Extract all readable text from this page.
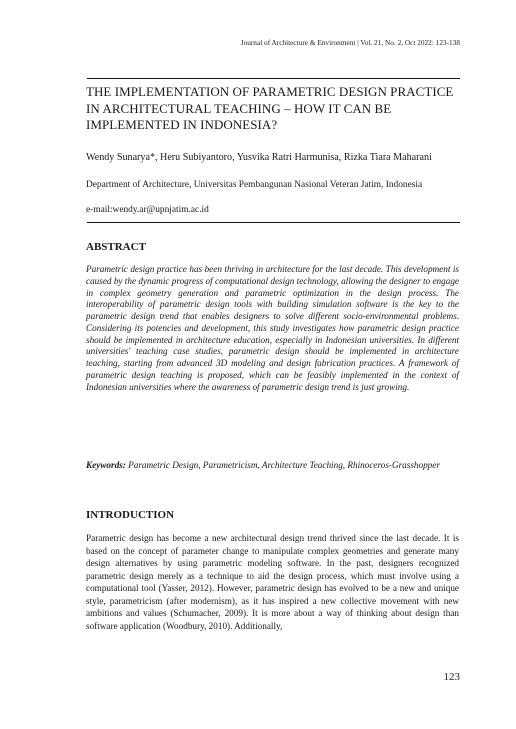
Journal of Architecture & Environment | Vol. 21, No. 2, Oct 2022: 123-138
THE IMPLEMENTATION OF PARAMETRIC DESIGN PRACTICE IN ARCHITECTURAL TEACHING – HOW IT CAN BE IMPLEMENTED IN INDONESIA?
Wendy Sunarya*, Heru Subiyantoro, Yusvika Ratri Harmunisa, Rizka Tiara Maharani
Department of Architecture, Universitas Pembangunan Nasional Veteran Jatim, Indonesia
e-mail:wendy.ar@upnjatim.ac.id
ABSTRACT

Parametric design practice has been thriving in architecture for the last decade. This development is caused by the dynamic progress of computational design technology, allowing the designer to engage in complex geometry generation and parametric optimization in the design process. The interoperability of parametric design tools with building simulation software is the key to the parametric design trend that enables designers to solve different socio-environmental problems. Considering its potencies and development, this study investigates how parametric design practice should be implemented in architecture education, especially in Indonesian universities. In different universities' teaching case studies, parametric design should be implemented in architecture teaching, starting from advanced 3D modeling and design fabrication practices. A framework of parametric design teaching is proposed, which can be feasibly implemented in the context of Indonesian universities where the awareness of parametric design trend is just growing.

Keywords: Parametric Design, Parametricism, Architecture Teaching, Rhinoceros-Grasshopper

INTRODUCTION

Parametric design has become a new architectural design trend thrived since the last decade. It is based on the concept of parameter change to manipulate complex geometries and generate many design alternatives by using parametric modeling software. In the past, designers recognized parametric design merely as a technique to aid the design process, which must involve using a computational tool (Yasser, 2012). However, parametric design has evolved to be a new and unique style, parametricism (after modernism), as it has inspired a new collective movement with new ambitions and values (Schumacher, 2009). It is more about a way of thinking about design than software application (Woodbury, 2010). Additionally,

123
